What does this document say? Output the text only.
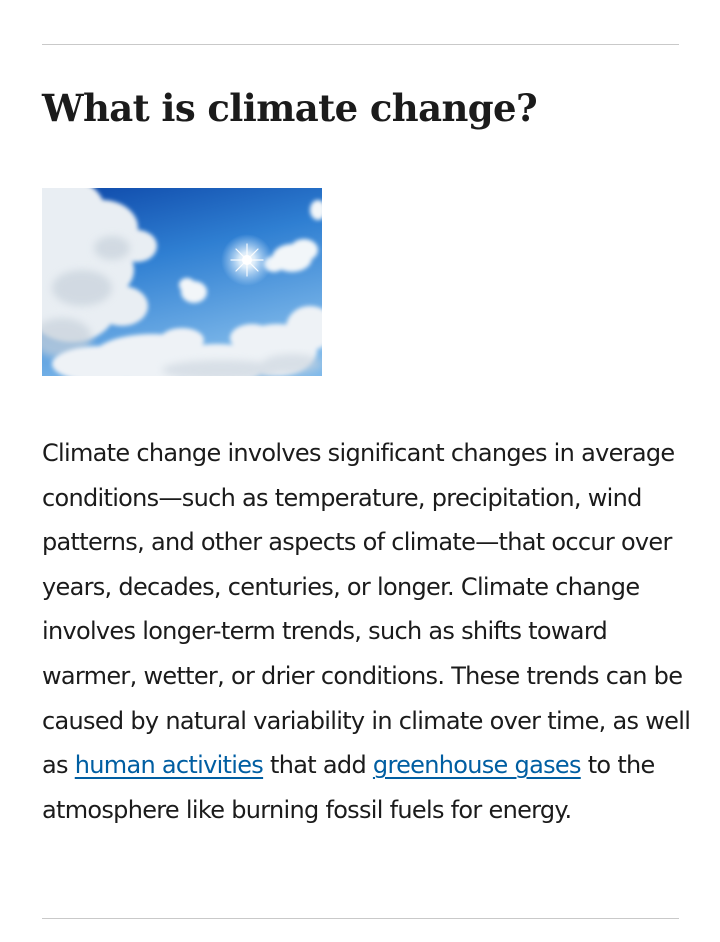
What is climate change?

Climate change involves significant changes in average conditions—such as temperature, precipitation, wind patterns, and other aspects of climate—that occur over years, decades, centuries, or longer. Climate change involves longer-term trends, such as shifts toward warmer, wetter, or drier conditions. These trends can be caused by natural variability in climate over time, as well as human activities that add greenhouse gases to the atmosphere like burning fossil fuels for energy.
